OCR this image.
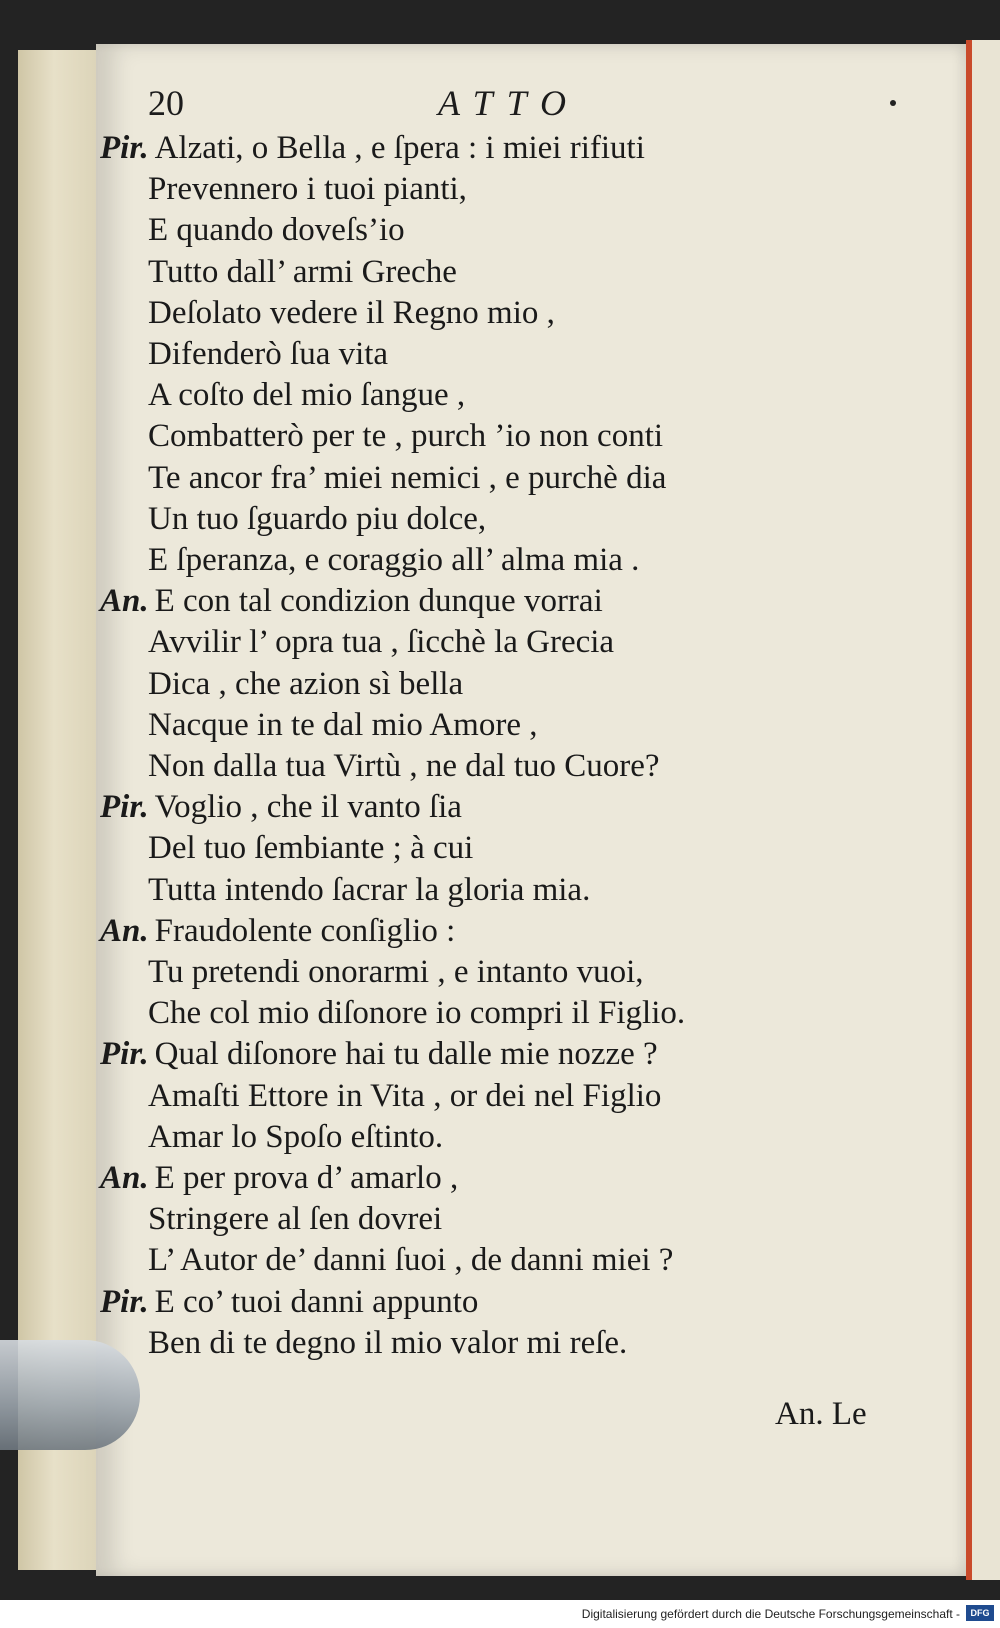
20	ATTO
Pir. Alzati, o Bella , e ſpera : i miei rifiuti
Prevennero i tuoi pianti,
E quando doveſs’io
Tutto dall’ armi Greche
Deſolato vedere il Regno mio ,
Difenderò ſua vita
A coſto del mio ſangue ,
Combatterò per te , purch ’io non conti
Te ancor fra’ miei nemici , e purchè dia
Un tuo ſguardo piu dolce,
E ſperanza, e coraggio all’ alma mia .
An. E con tal condizion dunque vorrai
Avvilir l’ opra tua , ſicchè la Grecia
Dica , che azion sì bella
Nacque in te dal mio Amore ,
Non dalla tua Virtù , ne dal tuo Cuore?
Pir. Voglio , che il vanto ſia
Del tuo ſembiante ; à cui
Tutta intendo ſacrar la gloria mia.
An. Fraudolente conſiglio :
Tu pretendi onorarmi , e intanto vuoi,
Che col mio diſonore io compri il Figlio.
Pir. Qual diſonore hai tu dalle mie nozze ?
Amaſti Ettore in Vita , or dei nel Figlio
Amar lo Spoſo eſtinto.
An. E per prova d’ amarlo ,
Stringere al ſen dovrei
L’ Autor de’ danni ſuoi , de danni miei ?
Pir. E co’ tuoi danni appunto
Ben di te degno il mio valor mi reſe.
An. Le
Digitalisierung gefördert durch die Deutsche Forschungsgemeinschaft -	DFG
